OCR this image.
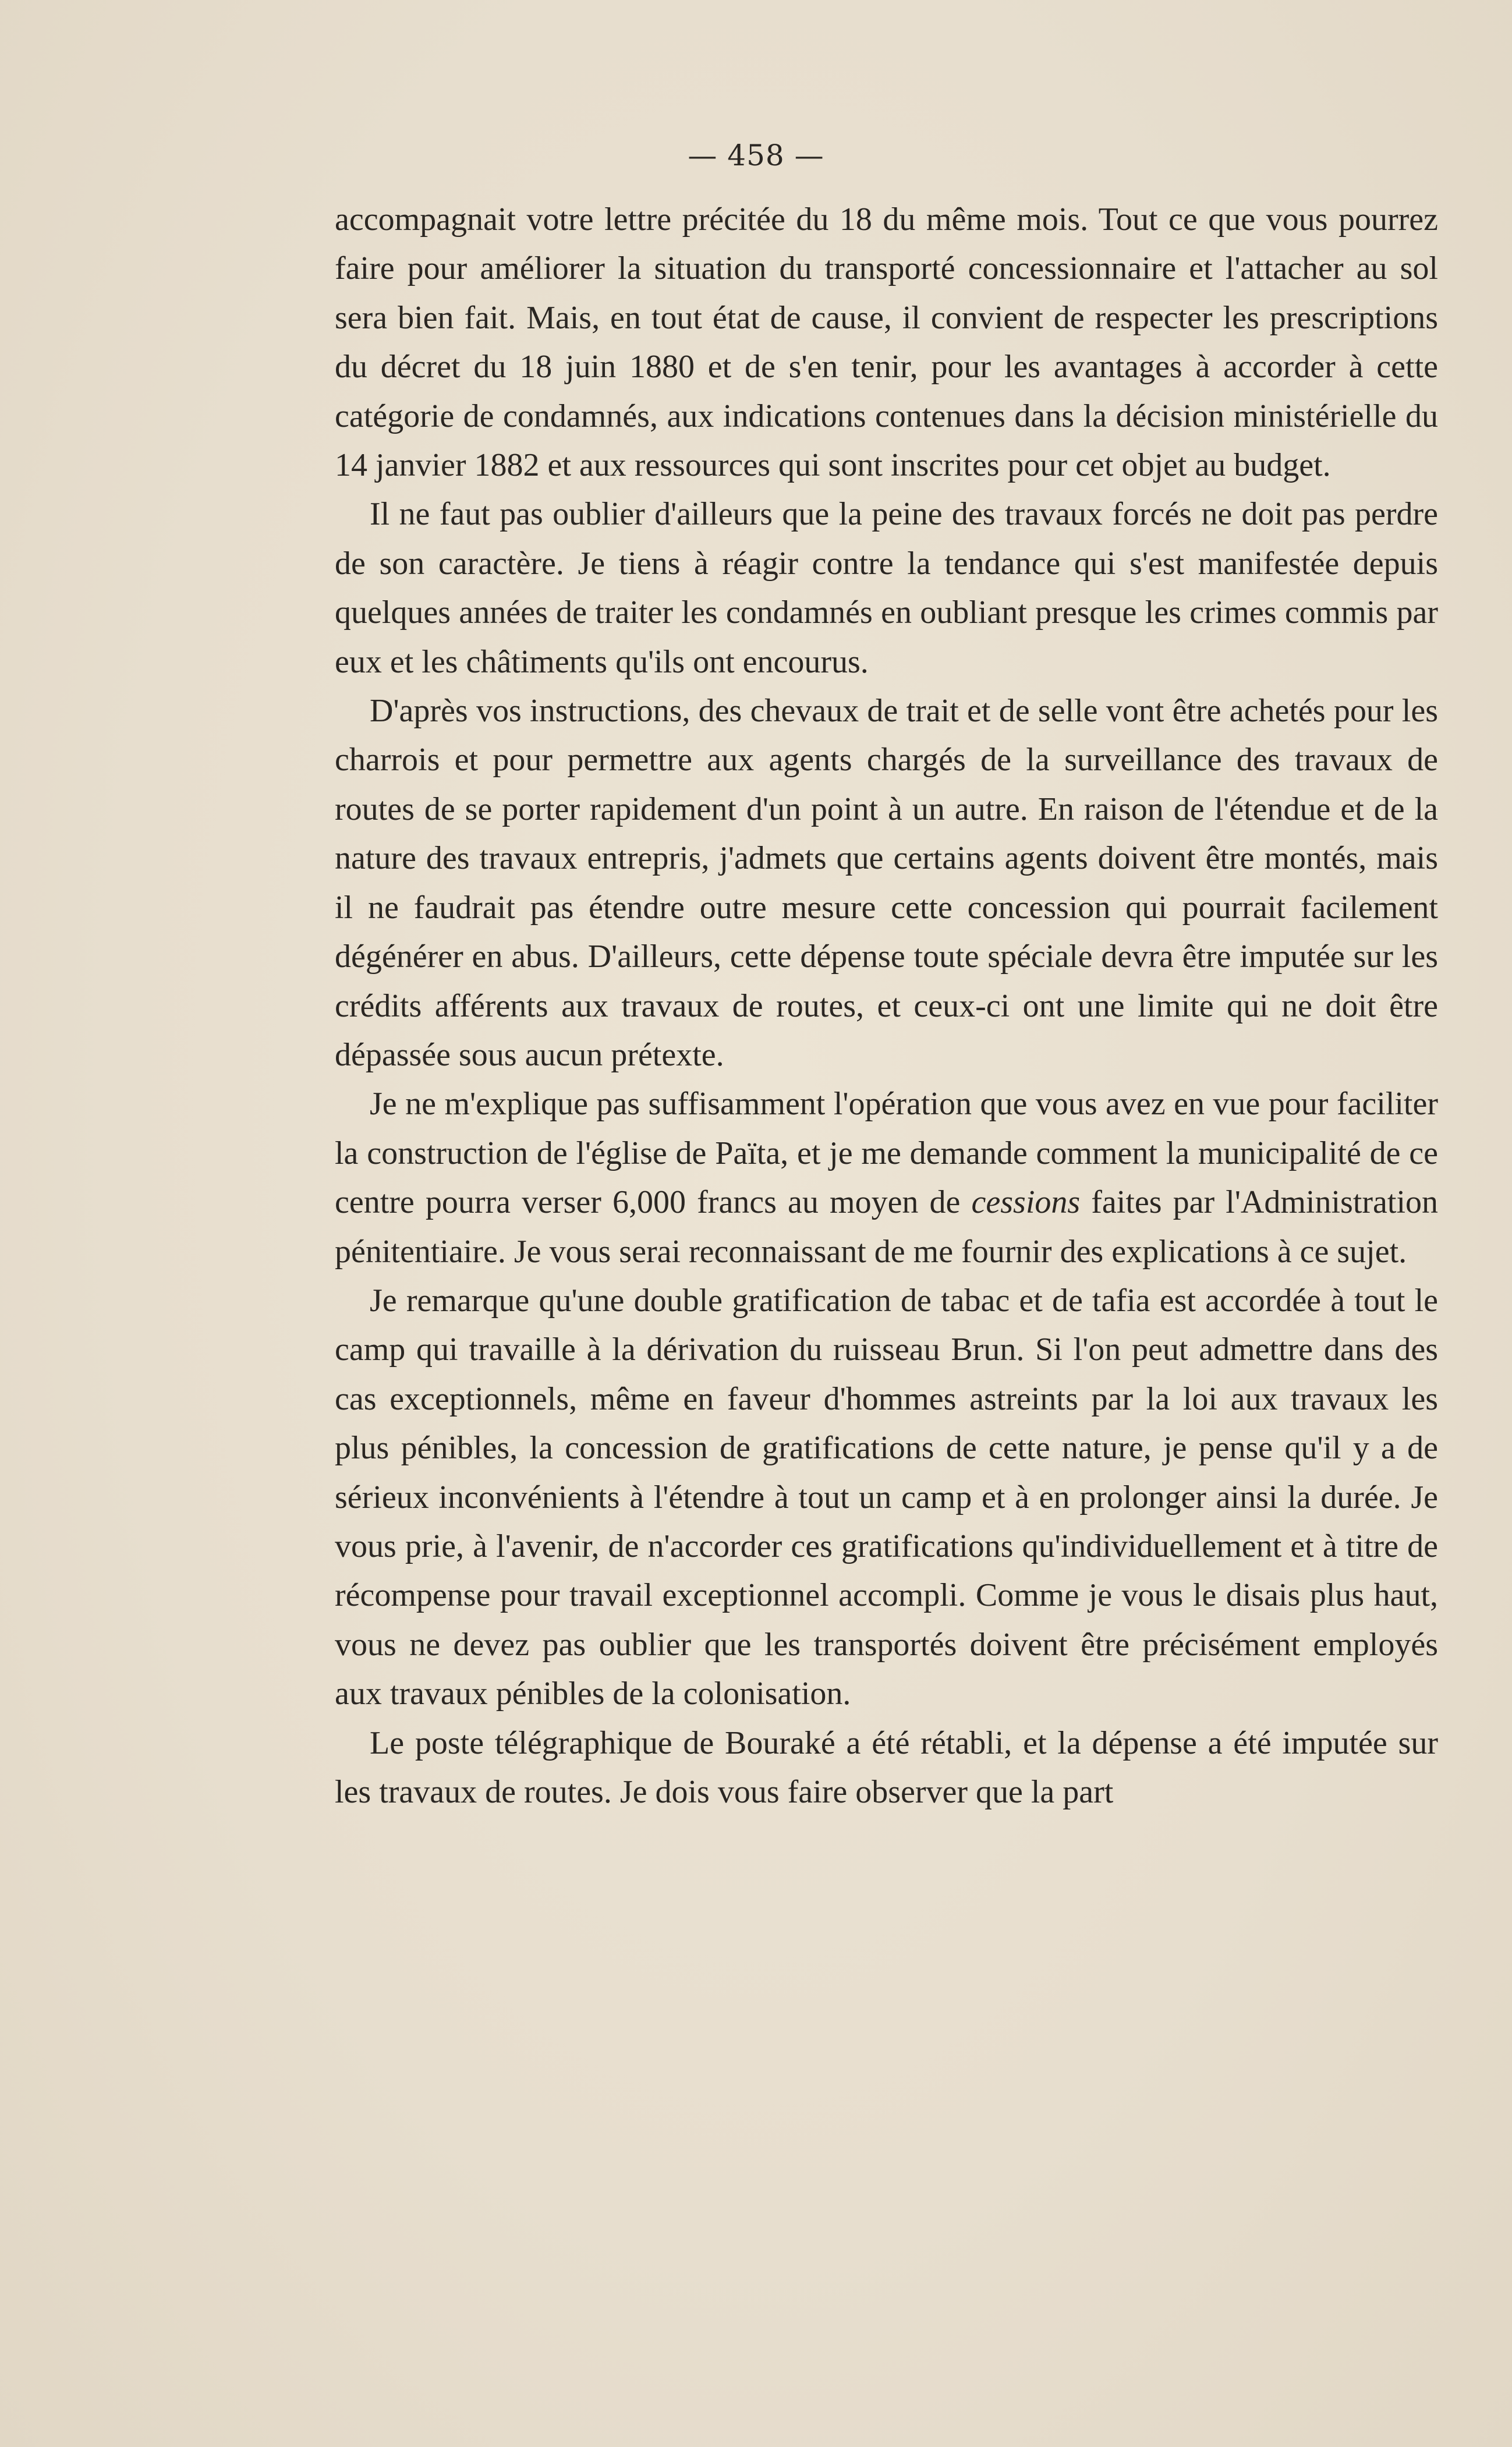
— 458 —

accompagnait votre lettre précitée du 18 du même mois. Tout ce que vous pourrez faire pour améliorer la situation du transporté concessionnaire et l'attacher au sol sera bien fait. Mais, en tout état de cause, il convient de respecter les prescriptions du décret du 18 juin 1880 et de s'en tenir, pour les avantages à accorder à cette catégorie de condamnés, aux indications contenues dans la décision ministérielle du 14 janvier 1882 et aux ressources qui sont inscrites pour cet objet au budget.

Il ne faut pas oublier d'ailleurs que la peine des travaux forcés ne doit pas perdre de son caractère. Je tiens à réagir contre la tendance qui s'est manifestée depuis quelques années de traiter les condamnés en oubliant presque les crimes commis par eux et les châtiments qu'ils ont encourus.

D'après vos instructions, des chevaux de trait et de selle vont être achetés pour les charrois et pour permettre aux agents chargés de la surveillance des travaux de routes de se porter rapidement d'un point à un autre. En raison de l'étendue et de la nature des travaux entrepris, j'admets que certains agents doivent être montés, mais il ne faudrait pas étendre outre mesure cette concession qui pourrait facilement dégénérer en abus. D'ailleurs, cette dépense toute spéciale devra être imputée sur les crédits afférents aux travaux de routes, et ceux-ci ont une limite qui ne doit être dépassée sous aucun prétexte.

Je ne m'explique pas suffisamment l'opération que vous avez en vue pour faciliter la construction de l'église de Païta, et je me demande comment la municipalité de ce centre pourra verser 6,000 francs au moyen de cessions faites par l'Administration pénitentiaire. Je vous serai reconnaissant de me fournir des explications à ce sujet.

Je remarque qu'une double gratification de tabac et de tafia est accordée à tout le camp qui travaille à la dérivation du ruisseau Brun. Si l'on peut admettre dans des cas exceptionnels, même en faveur d'hommes astreints par la loi aux travaux les plus pénibles, la concession de gratifications de cette nature, je pense qu'il y a de sérieux inconvénients à l'étendre à tout un camp et à en prolonger ainsi la durée. Je vous prie, à l'avenir, de n'accorder ces gratifications qu'individuellement et à titre de récompense pour travail exceptionnel accompli. Comme je vous le disais plus haut, vous ne devez pas oublier que les transportés doivent être précisément employés aux travaux pénibles de la colonisation.

Le poste télégraphique de Bouraké a été rétabli, et la dépense a été imputée sur les travaux de routes. Je dois vous faire observer que la part
